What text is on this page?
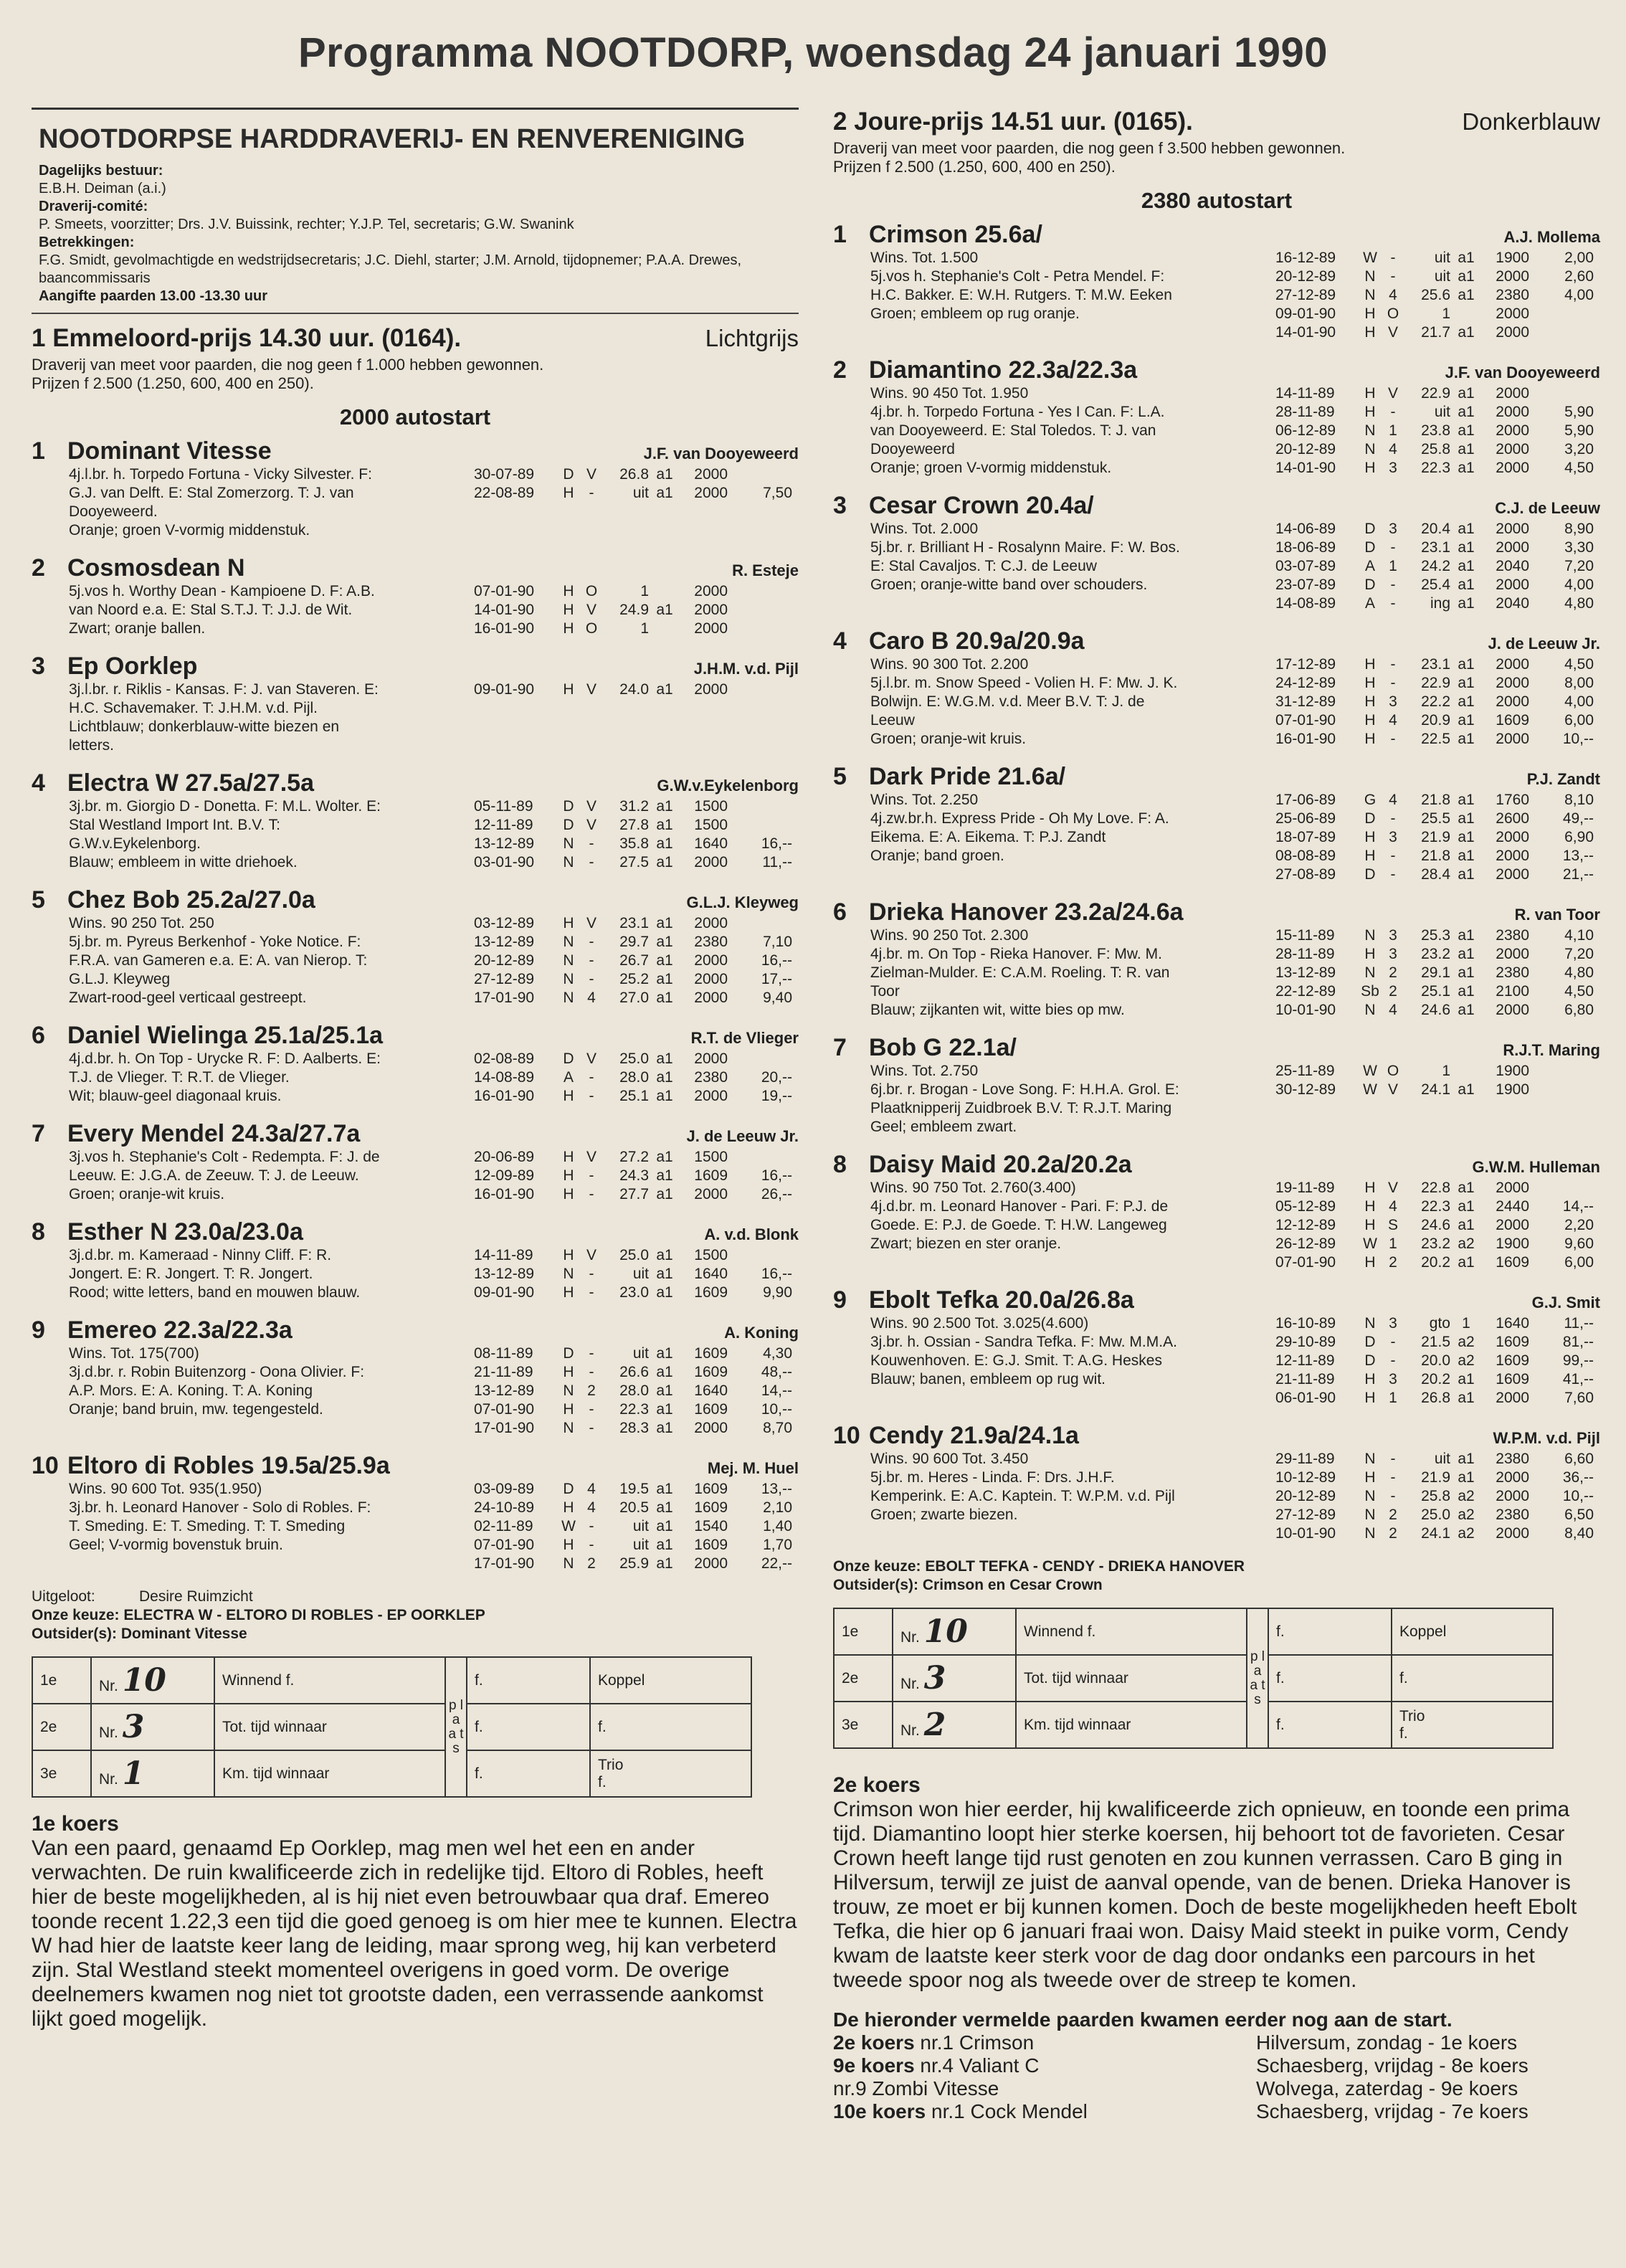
Programma NOOTDORP, woensdag 24 januari 1990
NOOTDORPSE HARDDRAVERIJ- EN RENVERENIGING
Dagelijks bestuur:
E.B.H. Deiman (a.i.)
Draverij-comité:
P. Smeets, voorzitter; Drs. J.V. Buissink, rechter; Y.J.P. Tel, secretaris; G.W. Swanink
Betrekkingen:
F.G. Smidt, gevolmachtigde en wedstrijdsecretaris; J.C. Diehl, starter; J.M. Arnold, tijdopnemer; P.A.A. Drewes, baancommissaris
Aangifte paarden 13.00 -13.30 uur
1 Emmeloord-prijs 14.30 uur. (0164).	Lichtgrijs
Draverij van meet voor paarden, die nog geen f 1.000 hebben gewonnen.
Prijzen f 2.500 (1.250, 600, 400 en 250).
2000 autostart
1 Dominant Vitesse	J.F. van Dooyeweerd
4j.l.br. h. Torpedo Fortuna - Vicky Silvester. F:
G.J. van Delft. E: Stal Zomerzorg. T: J. van
Dooyeweerd.
Oranje; groen V-vormig middenstuk.
30-07-89	D V	26.8 a1	2000
22-08-89	H -	uit a1	2000	7,50
2 Cosmosdean N	R. Esteje
5j.vos h. Worthy Dean - Kampioene D. F: A.B.
van Noord e.a. E: Stal S.T.J. T: J.J. de Wit.
Zwart; oranje ballen.
07-01-90	H O	1	2000
14-01-90	H V	24.9 a1	2000
16-01-90	H O	1	2000
3 Ep Oorklep	J.H.M. v.d. Pijl
3j.l.br. r. Riklis - Kansas. F: J. van Staveren. E:
H.C. Schavemaker. T: J.H.M. v.d. Pijl.
Lichtblauw; donkerblauw-witte biezen en
letters.
09-01-90	H V	24.0 a1	2000
4 Electra W 27.5a/27.5a	G.W.v.Eykelenborg
3j.br. m. Giorgio D - Donetta. F: M.L. Wolter. E:
Stal Westland Import Int. B.V. T:
G.W.v.Eykelenborg.
Blauw; embleem in witte driehoek.
05-11-89	D V	31.2 a1	1500
12-11-89	D V	27.8 a1	1500
13-12-89	N -	35.8 a1	1640	16,--
03-01-90	N -	27.5 a1	2000	11,--
5 Chez Bob 25.2a/27.0a	G.L.J. Kleyweg
Wins. 90 250 Tot. 250
5j.br. m. Pyreus Berkenhof - Yoke Notice. F:
F.R.A. van Gameren e.a. E: A. van Nierop. T:
G.L.J. Kleyweg
Zwart-rood-geel verticaal gestreept.
03-12-89	H V	23.1 a1	2000
13-12-89	N -	29.7 a1	2380	7,10
20-12-89	N -	26.7 a1	2000	16,--
27-12-89	N -	25.2 a1	2000	17,--
17-01-90	N 4	27.0 a1	2000	9,40
6 Daniel Wielinga 25.1a/25.1a	R.T. de Vlieger
4j.d.br. h. On Top - Urycke R. F: D. Aalberts. E:
T.J. de Vlieger. T: R.T. de Vlieger.
Wit; blauw-geel diagonaal kruis.
02-08-89	D V	25.0 a1	2000
14-08-89	A	-	28.0 a1	2380	20,--
16-01-90	H -	25.1 a1	2000	19,--
7 Every Mendel 24.3a/27.7a	J. de Leeuw Jr.
3j.vos h. Stephanie's Colt - Redempta. F: J. de
Leeuw. E: J.G.A. de Zeeuw. T: J. de Leeuw.
Groen; oranje-wit kruis.
20-06-89	H V	27.2 a1	1500
12-09-89	H -	24.3 a1	1609	16,--
16-01-90	H -	27.7 a1	2000	26,--
8 Esther N 23.0a/23.0a	A. v.d. Blonk
3j.d.br. m. Kameraad - Ninny Cliff. F: R.
Jongert. E: R. Jongert. T: R. Jongert.
Rood; witte letters, band en mouwen blauw.
14-11-89	H V	25.0 a1	1500
13-12-89	N -	uit a1	1640	16,--
09-01-90	H -	23.0 a1	1609	9,90
9 Emereo 22.3a/22.3a	A. Koning
Wins. Tot. 175(700)
3j.d.br. r. Robin Buitenzorg - Oona Olivier. F:
A.P. Mors. E: A. Koning. T: A. Koning
Oranje; band bruin, mw. tegengesteld.
08-11-89	D -	uit a1	1609	4,30
21-11-89	H -	26.6 a1	1609	48,--
13-12-89	N 2	28.0 a1	1640	14,--
07-01-90	H -	22.3 a1	1609	10,--
17-01-90	N -	28.3 a1	2000	8,70
10 Eltoro di Robles 19.5a/25.9a	Mej. M. Huel
Wins. 90 600 Tot. 935(1.950)
3j.br. h. Leonard Hanover - Solo di Robles. F:
T. Smeding. E: T. Smeding. T: T. Smeding
Geel; V-vormig bovenstuk bruin.
03-09-89	D 4	19.5 a1	1609	13,--
24-10-89	H 4	20.5 a1	1609	2,10
02-11-89	W -	uit a1	1540	1,40
07-01-90	H -	uit a1	1609	1,70
17-01-90	N 2	25.9 a1	2000	22,--
Uitgeloot:	Desire Ruimzicht
Onze keuze: ELECTRA W - ELTORO DI ROBLES - EP OORKLEP
Outsider(s): Dominant Vitesse
1e	Nr. 10	Winnend f.	p l a a t s	f.	Koppel
2e	Nr. 3	Tot. tijd winnaar		f.	f.
3e	Nr. 1	Km. tijd winnaar		f.	Trio
f.
1e koers
Van een paard, genaamd Ep Oorklep, mag men wel het een en ander verwachten. De ruin kwalificeerde zich in redelijke tijd. Eltoro di Robles, heeft hier de beste mogelijkheden, al is hij niet even betrouwbaar qua draf. Emereo toonde recent 1.22,3 een tijd die goed genoeg is om hier mee te kunnen. Electra W had hier de laatste keer lang de leiding, maar sprong weg, hij kan verbeterd zijn. Stal Westland steekt momenteel overigens in goed vorm. De overige deelnemers kwamen nog niet tot grootste daden, een verrassende aankomst lijkt goed mogelijk.
2 Joure-prijs 14.51 uur. (0165).	Donkerblauw
Draverij van meet voor paarden, die nog geen f 3.500 hebben gewonnen.
Prijzen f 2.500 (1.250, 600, 400 en 250).
2380 autostart
1 Crimson 25.6a/	A.J. Mollema
Wins. Tot. 1.500
5j.vos h. Stephanie's Colt - Petra Mendel. F:
H.C. Bakker. E: W.H. Rutgers. T: M.W. Eeken
Groen; embleem op rug oranje.
16-12-89	W -	uit a1	1900	2,00
20-12-89	N -	uit a1	2000	2,60
27-12-89	N 4	25.6 a1	2380	4,00
09-01-90	H O	1	2000
14-01-90	H V	21.7 a1	2000
2 Diamantino 22.3a/22.3a	J.F. van Dooyeweerd
Wins. 90 450 Tot. 1.950
4j.br. h. Torpedo Fortuna - Yes I Can. F: L.A.
van Dooyeweerd. E: Stal Toledos. T: J. van
Dooyeweerd
Oranje; groen V-vormig middenstuk.
14-11-89	H V	22.9 a1	2000
28-11-89	H -	uit a1	2000	5,90
06-12-89	N 1	23.8 a1	2000	5,90
20-12-89	N 4	25.8 a1	2000	3,20
14-01-90	H 3	22.3 a1	2000	4,50
3 Cesar Crown 20.4a/	C.J. de Leeuw
Wins. Tot. 2.000
5j.br. r. Brilliant H - Rosalynn Maire. F: W. Bos.
E: Stal Cavaljos. T: C.J. de Leeuw
Groen; oranje-witte band over schouders.
14-06-89	D 3	20.4 a1	2000	8,90
18-06-89	D -	23.1 a1	2000	3,30
03-07-89	A 1	24.2 a1	2040	7,20
23-07-89	D -	25.4 a1	2000	4,00
14-08-89	A	-	ing a1	2040	4,80
4 Caro B 20.9a/20.9a	J. de Leeuw Jr.
Wins. 90 300 Tot. 2.200
5j.l.br. m. Snow Speed - Volien H. F: Mw. J. K.
Bolwijn. E: W.G.M. v.d. Meer B.V. T: J. de
Leeuw
Groen; oranje-wit kruis.
17-12-89	H -	23.1 a1	2000	4,50
24-12-89	H -	22.9 a1	2000	8,00
31-12-89	H 3	22.2 a1	2000	4,00
07-01-90	H 4	20.9 a1	1609	6,00
16-01-90	H -	22.5 a1	2000	10,--
5 Dark Pride 21.6a/	P.J. Zandt
Wins. Tot. 2.250
4j.zw.br.h. Express Pride - Oh My Love. F: A.
Eikema. E: A. Eikema. T: P.J. Zandt
Oranje; band groen.
17-06-89	G 4	21.8 a1	1760	8,10
25-06-89	D -	25.5 a1	2600	49,--
18-07-89	H 3	21.9 a1	2000	6,90
08-08-89	H -	21.8 a1	2000	13,--
27-08-89	D -	28.4 a1	2000	21,--
6 Drieka Hanover 23.2a/24.6a	R. van Toor
Wins. 90 250 Tot. 2.300
4j.br. m. On Top - Rieka Hanover. F: Mw. M.
Zielman-Mulder. E: C.A.M. Roeling. T: R. van
Toor
Blauw; zijkanten wit, witte bies op mw.
15-11-89	N 3	25.3 a1	2380	4,10
28-11-89	H 3	23.2 a1	2000	7,20
13-12-89	N 2	29.1 a1	2380	4,80
22-12-89	Sb 2	25.1 a1	2100	4,50
10-01-90	N 4	24.6 a1	2000	6,80
7 Bob G 22.1a/	R.J.T. Maring
Wins. Tot. 2.750
6j.br. r. Brogan - Love Song. F: H.H.A. Grol. E:
Plaatknipperij Zuidbroek B.V. T: R.J.T. Maring
Geel; embleem zwart.
25-11-89	W O	1	1900
30-12-89	W V	24.1 a1	1900
8 Daisy Maid 20.2a/20.2a	G.W.M. Hulleman
Wins. 90 750 Tot. 2.760(3.400)
4j.d.br. m. Leonard Hanover - Pari. F: P.J. de
Goede. E: P.J. de Goede. T: H.W. Langeweg
Zwart; biezen en ster oranje.
19-11-89	H V	22.8 a1	2000
05-12-89	H 4	22.3 a1	2440	14,--
12-12-89	H S	24.6 a1	2000	2,20
26-12-89	W 1	23.2 a2	1900	9,60
07-01-90	H 2	20.2 a1	1609	6,00
9 Ebolt Tefka 20.0a/26.8a	G.J. Smit
Wins. 90 2.500 Tot. 3.025(4.600)
3j.br. h. Ossian - Sandra Tefka. F: Mw. M.M.A.
Kouwenhoven. E: G.J. Smit. T: A.G. Heskes
Blauw; banen, embleem op rug wit.
16-10-89	N 3	gto 1	1640	11,--
29-10-89	D -	21.5 a2	1609	81,--
12-11-89	D -	20.0 a2	1609	99,--
21-11-89	H 3	20.2 a1	1609	41,--
06-01-90	H 1	26.8 a1	2000	7,60
10 Cendy 21.9a/24.1a	W.P.M. v.d. Pijl
Wins. 90 600 Tot. 3.450
5j.br. m. Heres - Linda. F: Drs. J.H.F.
Kemperink. E: A.C. Kaptein. T: W.P.M. v.d. Pijl
Groen; zwarte biezen.
29-11-89	N -	uit a1	2380	6,60
10-12-89	H -	21.9 a1	2000	36,--
20-12-89	N -	25.8 a2	2000	10,--
27-12-89	N 2	25.0 a2	2380	6,50
10-01-90	N 2	24.1 a2	2000	8,40
Onze keuze: EBOLT TEFKA - CENDY - DRIEKA HANOVER
Outsider(s): Crimson en Cesar Crown
1e	Nr. 10	Winnend f.	p l a a t s	f.	Koppel
2e	Nr. 3	Tot. tijd winnaar		f.	f.
3e	Nr. 2	Km. tijd winnaar		f.	Trio
f.
2e koers
Crimson won hier eerder, hij kwalificeerde zich opnieuw, en toonde een prima tijd. Diamantino loopt hier sterke koersen, hij behoort tot de favorieten. Cesar Crown heeft lange tijd rust genoten en zou kunnen verrassen. Caro B ging in Hilversum, terwijl ze juist de aanval opende, van de benen. Drieka Hanover is trouw, ze moet er bij kunnen komen. Doch de beste mogelijkheden heeft Ebolt Tefka, die hier op 6 januari fraai won. Daisy Maid steekt in puike vorm, Cendy kwam de laatste keer sterk voor de dag door ondanks een parcours in het tweede spoor nog als tweede over de streep te komen.
De hieronder vermelde paarden kwamen eerder nog aan de start.
2e koers nr.1 Crimson	Hilversum, zondag - 1e koers
9e koers nr.4 Valiant C	Schaesberg, vrijdag - 8e koers
nr.9 Zombi Vitesse	Wolvega, zaterdag - 9e koers
10e koers nr.1 Cock Mendel	Schaesberg, vrijdag - 7e koers
